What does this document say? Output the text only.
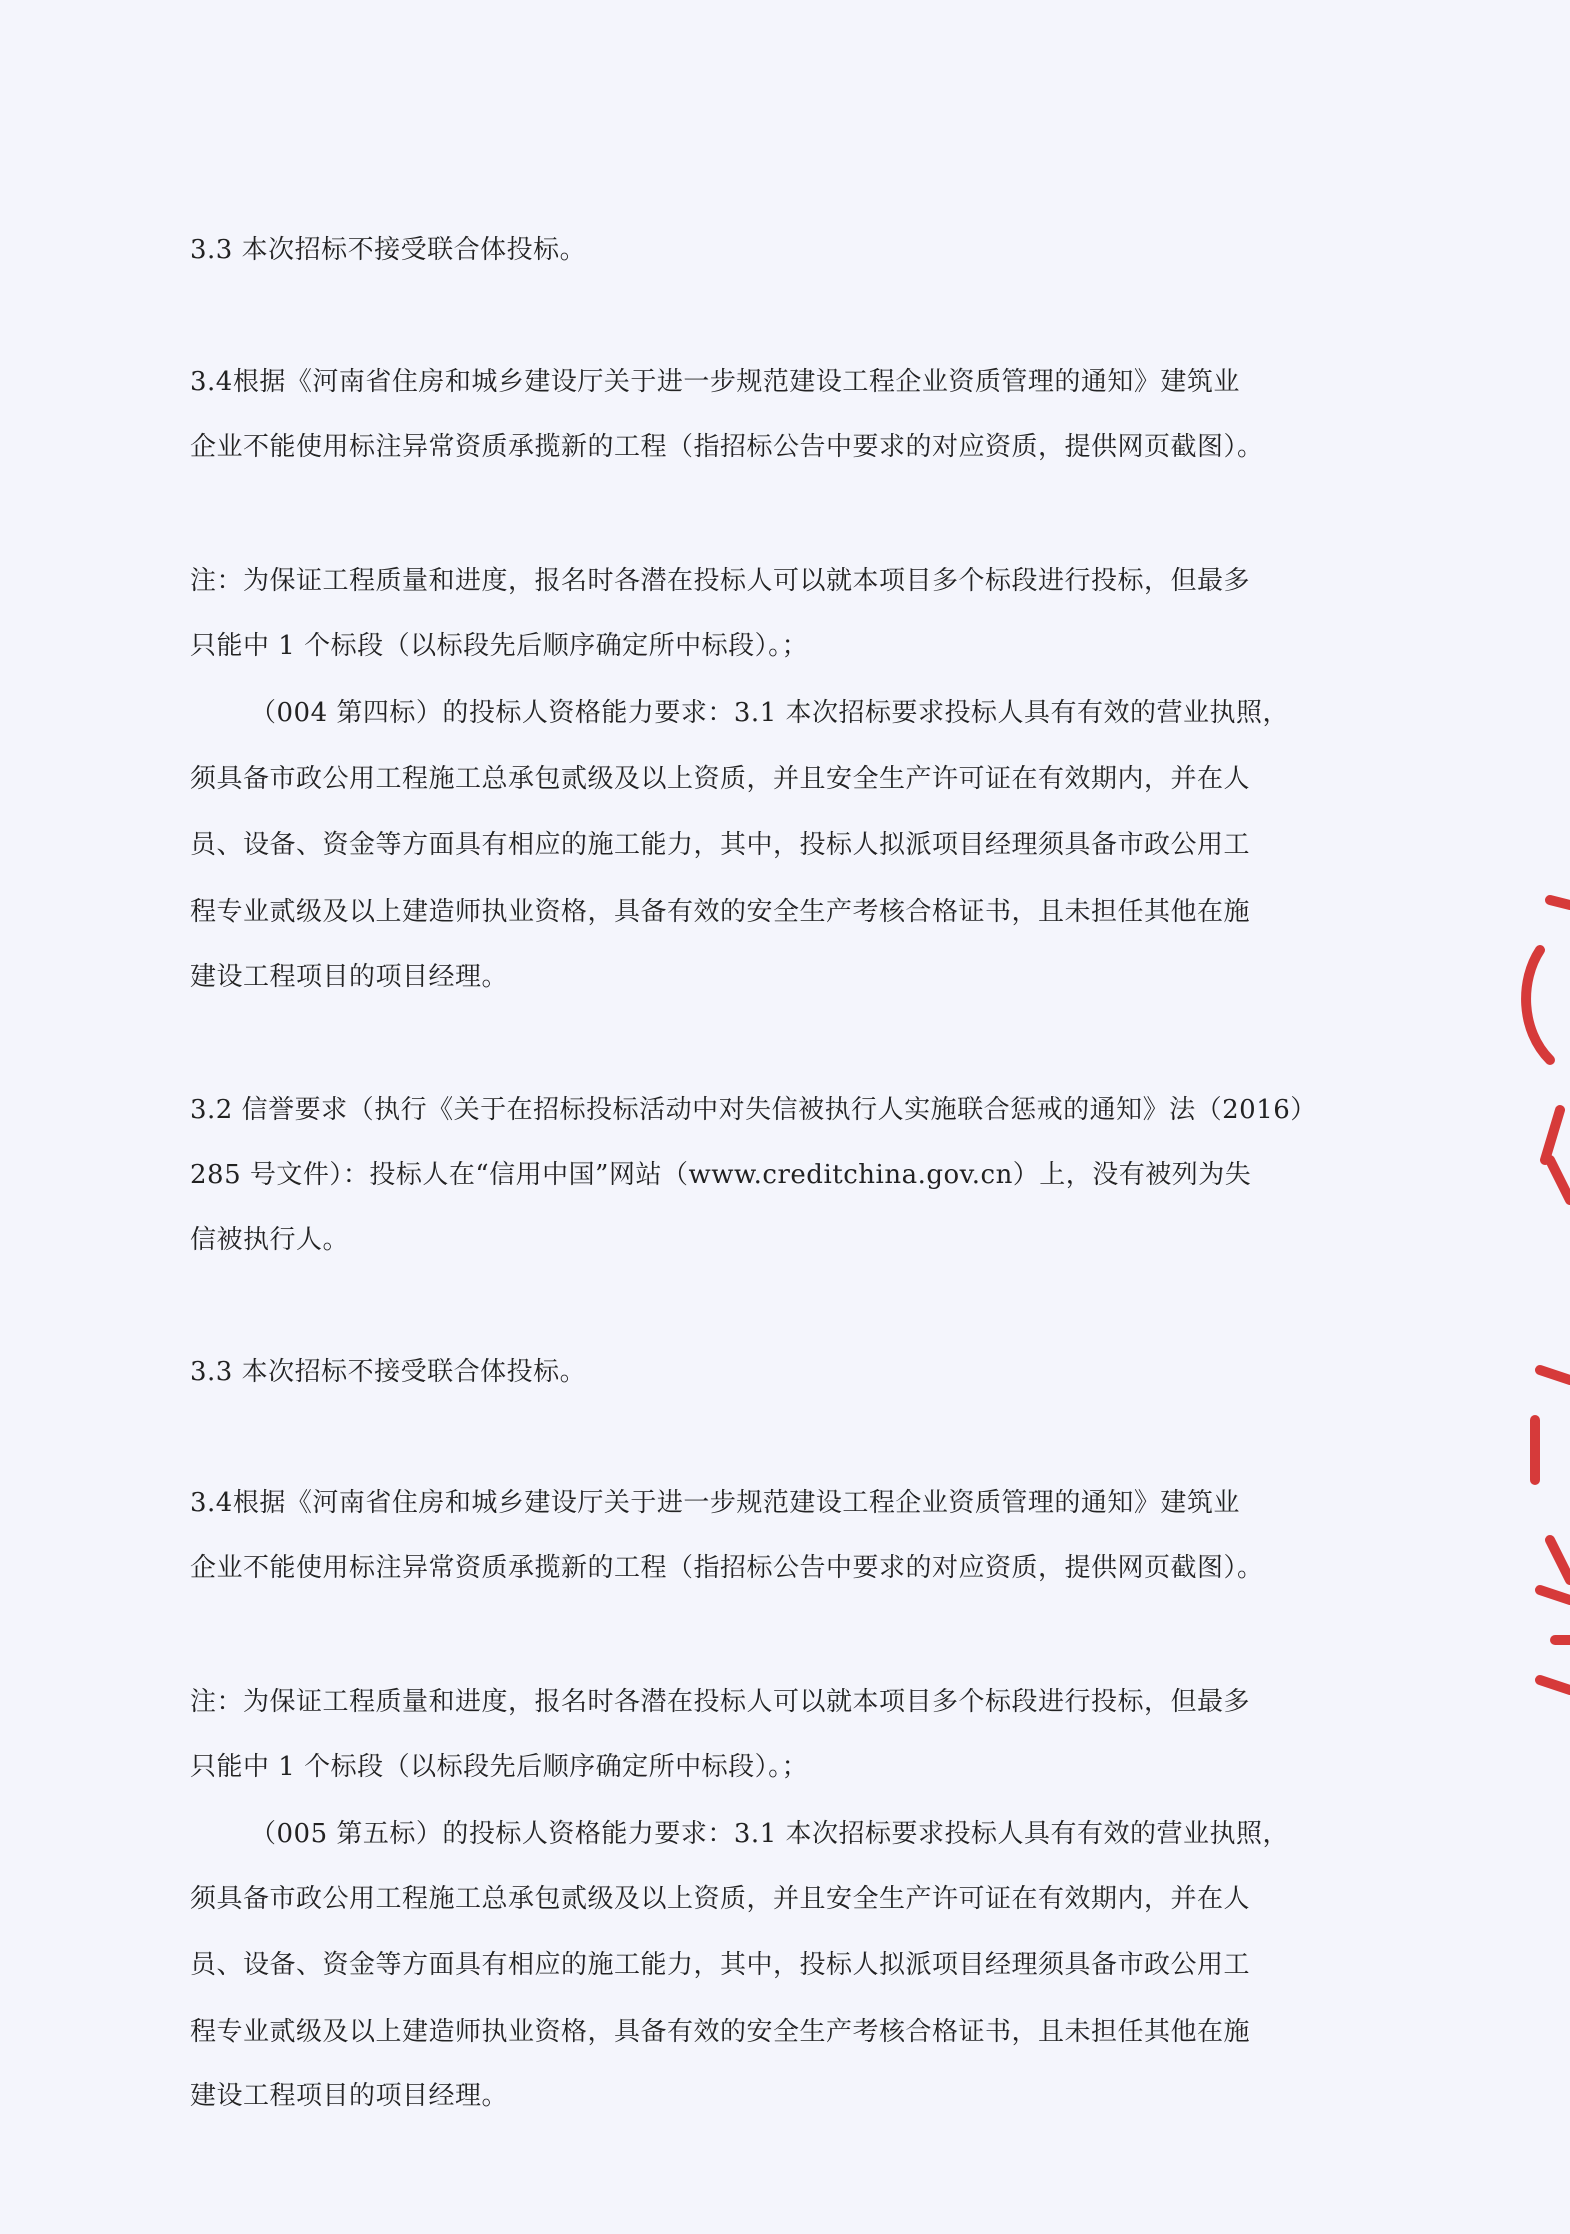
3.3 本次招标不接受联合体投标。
3.4根据《河南省住房和城乡建设厅关于进一步规范建设工程企业资质管理的通知》建筑业
企业不能使用标注异常资质承揽新的工程（指招标公告中要求的对应资质，提供网页截图）。
注：为保证工程质量和进度，报名时各潜在投标人可以就本项目多个标段进行投标，但最多
只能中 1 个标段（以标段先后顺序确定所中标段）。；
（004 第四标）的投标人资格能力要求：3.1 本次招标要求投标人具有有效的营业执照，
须具备市政公用工程施工总承包贰级及以上资质，并且安全生产许可证在有效期内，并在人
员、设备、资金等方面具有相应的施工能力，其中，投标人拟派项目经理须具备市政公用工
程专业贰级及以上建造师执业资格，具备有效的安全生产考核合格证书，且未担任其他在施
建设工程项目的项目经理。
3.2 信誉要求（执行《关于在招标投标活动中对失信被执行人实施联合惩戒的通知》法（2016）
285 号文件）：投标人在“信用中国”网站（www.creditchina.gov.cn）上，没有被列为失
信被执行人。
3.3 本次招标不接受联合体投标。
3.4根据《河南省住房和城乡建设厅关于进一步规范建设工程企业资质管理的通知》建筑业
企业不能使用标注异常资质承揽新的工程（指招标公告中要求的对应资质，提供网页截图）。
注：为保证工程质量和进度，报名时各潜在投标人可以就本项目多个标段进行投标，但最多
只能中 1 个标段（以标段先后顺序确定所中标段）。；
（005 第五标）的投标人资格能力要求：3.1 本次招标要求投标人具有有效的营业执照，
须具备市政公用工程施工总承包贰级及以上资质，并且安全生产许可证在有效期内，并在人
员、设备、资金等方面具有相应的施工能力，其中，投标人拟派项目经理须具备市政公用工
程专业贰级及以上建造师执业资格，具备有效的安全生产考核合格证书，且未担任其他在施
建设工程项目的项目经理。
